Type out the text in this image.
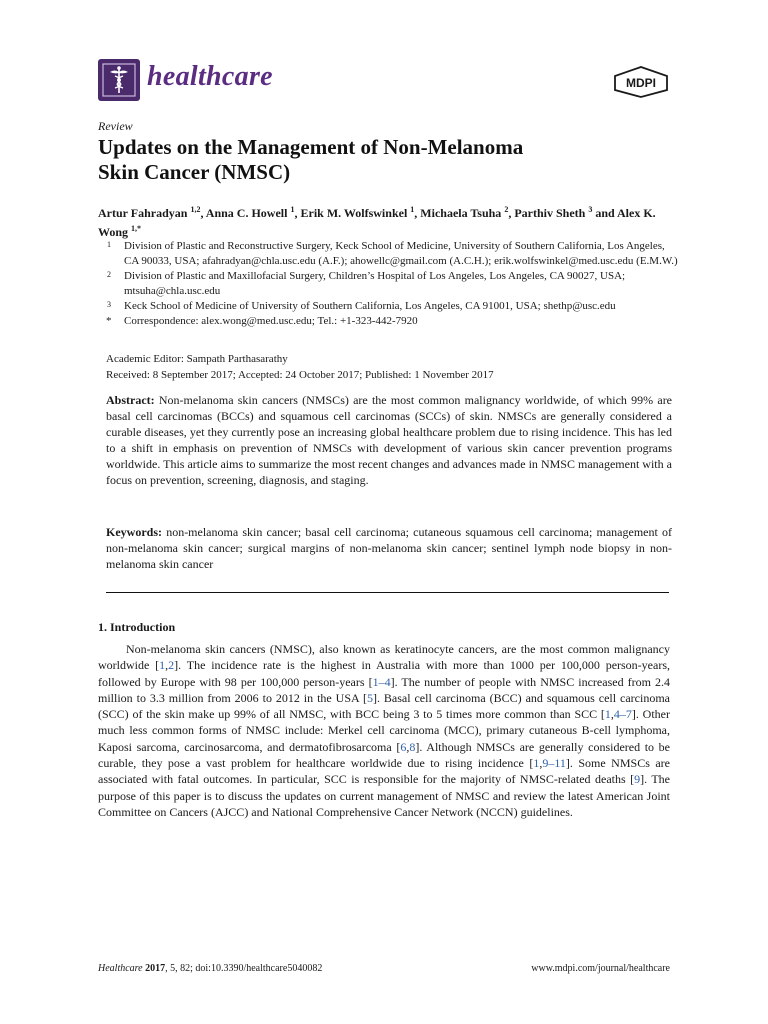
healthcare	MDPI
Review
Updates on the Management of Non-Melanoma
Skin Cancer (NMSC)
Artur Fahradyan $^{1,2}$, Anna C. Howell $^1$, Erik M. Wolfswinkel $^1$, Michaela Tsuha $^2$, Parthiv Sheth $^3$ and Alex K. Wong $^{1,*}$
1	Division of Plastic and Reconstructive Surgery, Keck School of Medicine, University of Southern California, Los Angeles, CA 90033, USA; afahradyan@chla.usc.edu (A.F.); ahowellc@gmail.com (A.C.H.); erik.wolfswinkel@med.usc.edu (E.M.W.)
2	Division of Plastic and Maxillofacial Surgery, Children’s Hospital of Los Angeles, Los Angeles, CA 90027, USA; mtsuha@chla.usc.edu
3	Keck School of Medicine of University of Southern California, Los Angeles, CA 91001, USA; shethp@usc.edu
*	Correspondence: alex.wong@med.usc.edu; Tel.: +1-323-442-7920
Academic Editor: Sampath Parthasarathy
Received: 8 September 2017; Accepted: 24 October 2017; Published: 1 November 2017
Abstract: Non-melanoma skin cancers (NMSCs) are the most common malignancy worldwide, of which 99% are basal cell carcinomas (BCCs) and squamous cell carcinomas (SCCs) of skin. NMSCs are generally considered a curable diseases, yet they currently pose an increasing global healthcare problem due to rising incidence. This has led to a shift in emphasis on prevention of NMSCs with development of various skin cancer prevention programs worldwide. This article aims to summarize the most recent changes and advances made in NMSC management with a focus on prevention, screening, diagnosis, and staging.
Keywords: non-melanoma skin cancer; basal cell carcinoma; cutaneous squamous cell carcinoma; management of non-melanoma skin cancer; surgical margins of non-melanoma skin cancer; sentinel lymph node biopsy in non-melanoma skin cancer
1. Introduction
Non-melanoma skin cancers (NMSC), also known as keratinocyte cancers, are the most common malignancy worldwide [1,2]. The incidence rate is the highest in Australia with more than 1000 per 100,000 person-years, followed by Europe with 98 per 100,000 person-years [1–4]. The number of people with NMSC increased from 2.4 million to 3.3 million from 2006 to 2012 in the USA [5]. Basal cell carcinoma (BCC) and squamous cell carcinoma (SCC) of the skin make up 99% of all NMSC, with BCC being 3 to 5 times more common than SCC [1,4–7]. Other much less common forms of NMSC include: Merkel cell carcinoma (MCC), primary cutaneous B-cell lymphoma, Kaposi sarcoma, carcinosarcoma, and dermatofibrosarcoma [6,8]. Although NMSCs are generally considered to be curable, they pose a vast problem for healthcare worldwide due to rising incidence [1,9–11]. Some NMSCs are associated with fatal outcomes. In particular, SCC is responsible for the majority of NMSC-related deaths [9]. The purpose of this paper is to discuss the updates on current management of NMSC and review the latest American Joint Committee on Cancers (AJCC) and National Comprehensive Cancer Network (NCCN) guidelines.
Healthcare 2017, 5, 82; doi:10.3390/healthcare5040082	www.mdpi.com/journal/healthcare
